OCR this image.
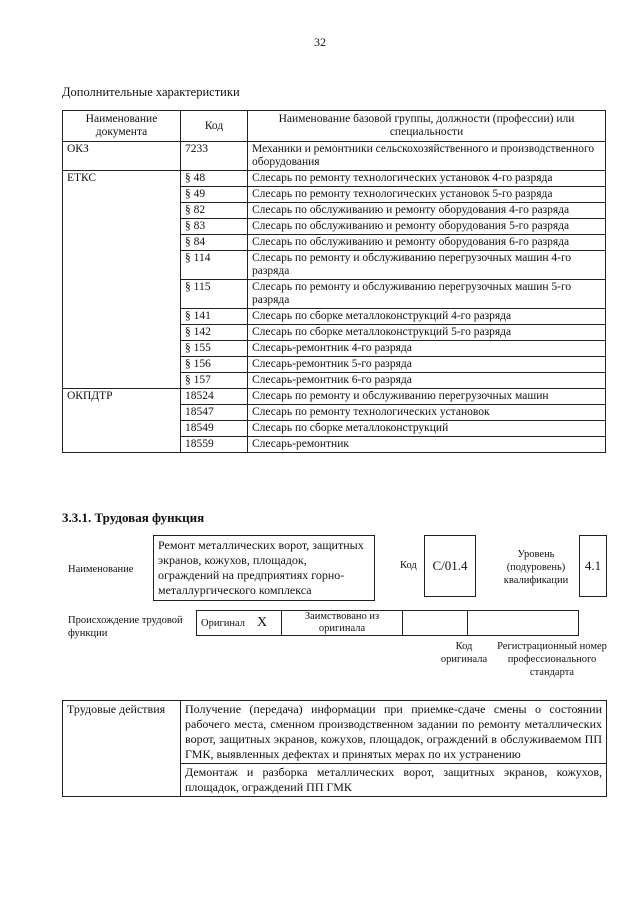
32
Дополнительные характеристики
Наименование документа	Код	Наименование базовой группы, должности (профессии) или специальности
ОКЗ	7233	Механики и ремонтники сельскохозяйственного и производственного оборудования
ЕТКС	§ 48	Слесарь по ремонту технологических установок 4-го разряда
	§ 49	Слесарь по ремонту технологических установок 5-го разряда
	§ 82	Слесарь по обслуживанию и ремонту оборудования 4-го разряда
	§ 83	Слесарь по обслуживанию и ремонту оборудования 5-го разряда
	§ 84	Слесарь по обслуживанию и ремонту оборудования 6-го разряда
	§ 114	Слесарь по ремонту и обслуживанию перегрузочных машин 4-го разряда
	§ 115	Слесарь по ремонту и обслуживанию перегрузочных машин 5-го разряда
	§ 141	Слесарь по сборке металлоконструкций 4-го разряда
	§ 142	Слесарь по сборке металлоконструкций 5-го разряда
	§ 155	Слесарь-ремонтник 4-го разряда
	§ 156	Слесарь-ремонтник 5-го разряда
	§ 157	Слесарь-ремонтник 6-го разряда
ОКПДТР	18524	Слесарь по ремонту и обслуживанию перегрузочных машин
	18547	Слесарь по ремонту технологических установок
	18549	Слесарь по сборке металлоконструкций
	18559	Слесарь-ремонтник
3.3.1. Трудовая функция
Наименование
Ремонт металлических ворот, защитных экранов, кожухов, площадок, ограждений на предприятиях горно-металлургического комплекса
Код	C/01.4
Уровень (подуровень) квалификации
4.1
Происхождение трудовой функции
Оригинал	X	Заимствовано из оригинала		
Код оригинала
Регистрационный номер профессионального стандарта
Трудовые действия	Получение (передача) информации при приемке-сдаче смены о состоянии рабочего места, сменном производственном задании по ремонту металлических ворот, защитных экранов, кожухов, площадок, ограждений в обслуживаемом ПП ГМК, выявленных дефектах и принятых мерах по их устранению
Демонтаж и разборка металлических ворот, защитных экранов, кожухов, площадок, ограждений ПП ГМК
